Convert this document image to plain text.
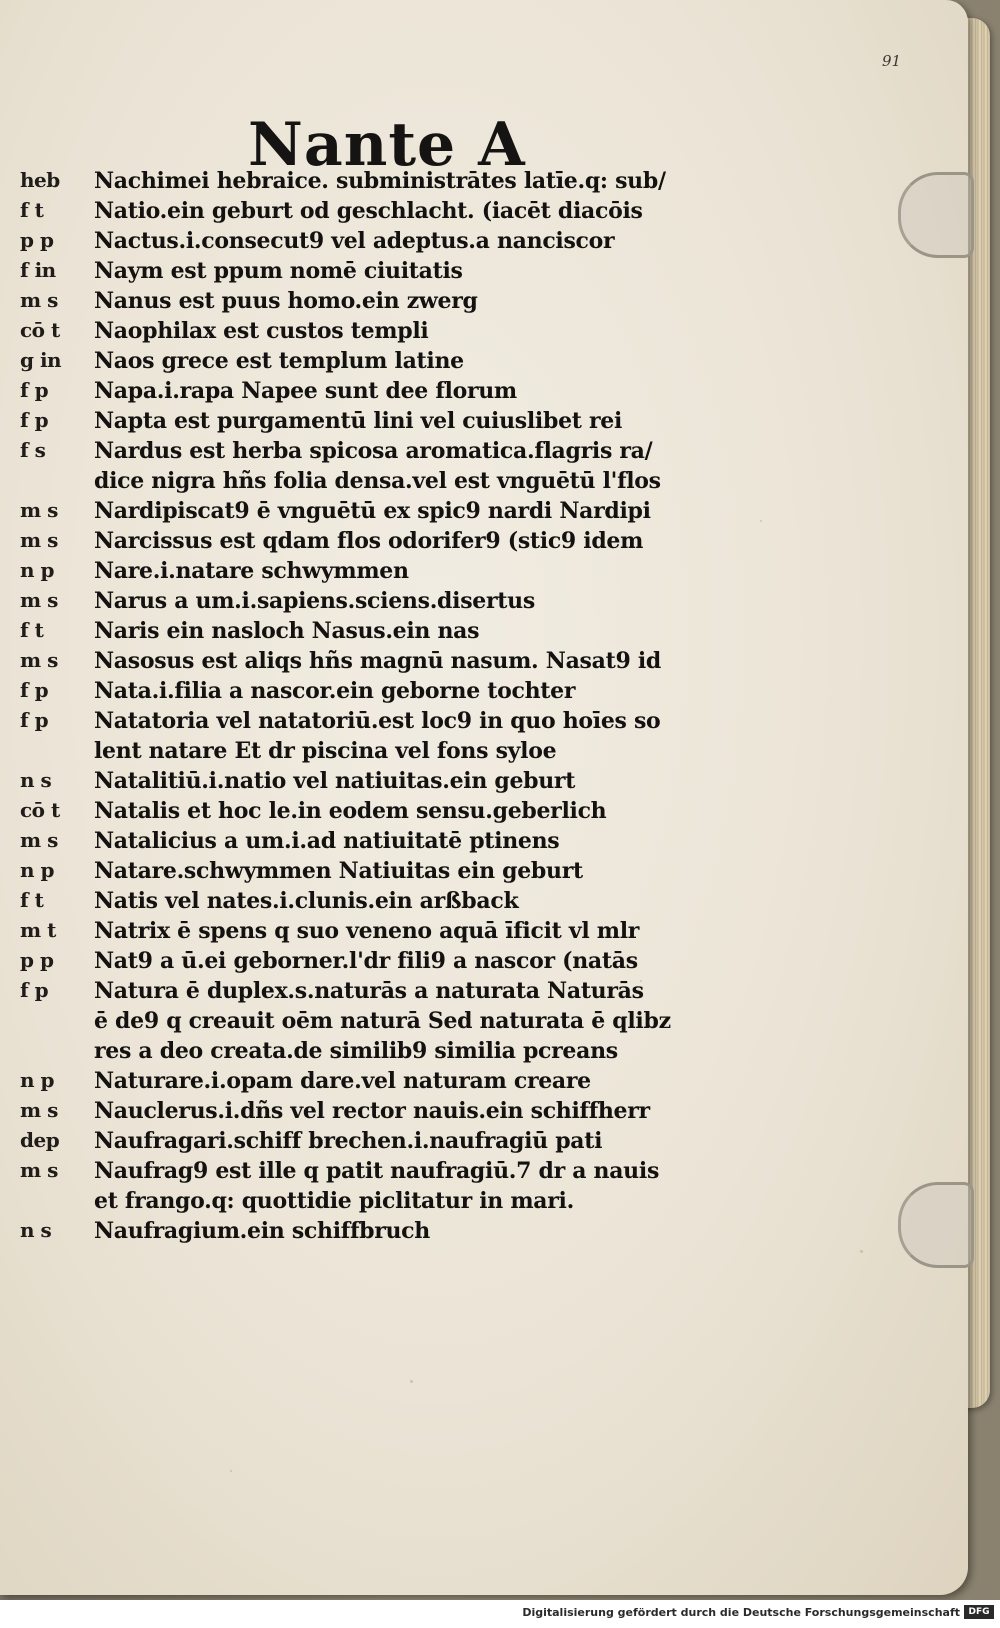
91
Nante A
heb	Nachimei hebraice. subministrātes latīe.q: sub/
f t	Natio.ein geburt od geschlacht. (iacēt diacōis
p p	Nactus.i.consecut9 vel adeptus.a nanciscor
f in	Naym est ppum nomē ciuitatis
m s	Nanus est puus homo.ein zwerg
cō t	Naophilax est custos templi
g in	Naos grece est templum latine
f p	Napa.i.rapa Napee sunt dee florum
f p	Napta est purgamentū lini vel cuiuslibet rei
f s	Nardus est herba spicosa aromatica.flagris ra/
dice nigra hñs folia densa.vel est vnguētū l'flos
m s	Nardipiscat9 ē vnguētū ex spic9 nardi Nardipi
m s	Narcissus est qdam flos odorifer9 (stic9 idem
n p	Nare.i.natare schwymmen
m s	Narus a um.i.sapiens.sciens.disertus
f t	Naris ein nasloch Nasus.ein nas
m s	Nasosus est aliqs hñs magnū nasum. Nasat9 id
f p	Nata.i.filia a nascor.ein geborne tochter
f p	Natatoria vel natatoriū.est loc9 in quo hoīes so
lent natare Et dr piscina vel fons syloe
n s	Natalitiū.i.natio vel natiuitas.ein geburt
cō t	Natalis et hoc le.in eodem sensu.geberlich
m s	Natalicius a um.i.ad natiuitatē ptinens
n p	Natare.schwymmen Natiuitas ein geburt
f t	Natis vel nates.i.clunis.ein arßback
m t	Natrix ē spens q suo veneno aquā īficit vl mlr
p p	Nat9 a ū.ei geborner.l'dr fili9 a nascor (natās
f p	Natura ē duplex.s.naturās a naturata Naturās
ē de9 q creauit oēm naturā Sed naturata ē qlibz
res a deo creata.de similib9 similia pcreans
n p	Naturare.i.opam dare.vel naturam creare
m s	Nauclerus.i.dñs vel rector nauis.ein schiffherr
dep	Naufragari.schiff brechen.i.naufragiū pati
m s	Naufrag9 est ille q patit naufragiū.7 dr a nauis
et frango.q: quottidie piclitatur in mari.
n s	Naufragium.ein schiffbruch
Digitalisierung gefördert durch die Deutsche Forschungsgemeinschaft DFG
